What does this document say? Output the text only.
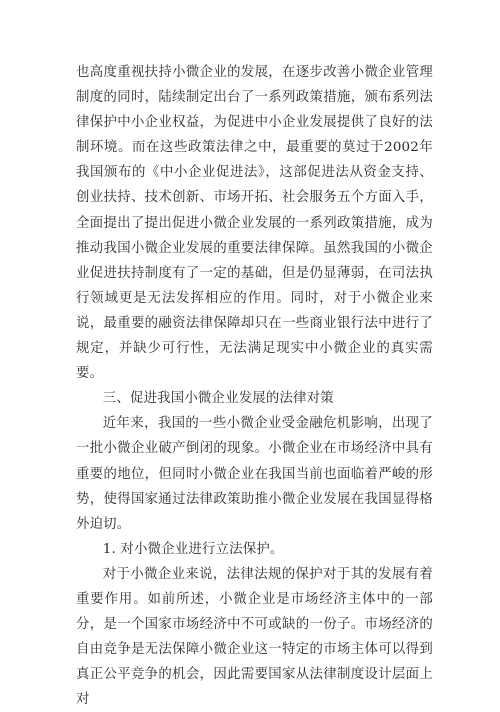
也高度重视扶持小微企业的发展，在逐步改善小微企业管理制度的同时，陆续制定出台了一系列政策措施，颁布系列法律保护中小企业权益，为促进中小企业发展提供了良好的法制环境。而在这些政策法律之中，最重要的莫过于2002年我国颁布的《中小企业促进法》，这部促进法从资金支持、创业扶持、技术创新、市场开拓、社会服务五个方面入手，全面提出了提出促进小微企业发展的一系列政策措施，成为推动我国小微企业发展的重要法律保障。虽然我国的小微企业促进扶持制度有了一定的基础，但是仍显薄弱，在司法执行领域更是无法发挥相应的作用。同时，对于小微企业来说，最重要的融资法律保障却只在一些商业银行法中进行了规定，并缺少可行性，无法满足现实中小微企业的真实需要。

三、促进我国小微企业发展的法律对策

近年来，我国的一些小微企业受金融危机影响，出现了一批小微企业破产倒闭的现象。小微企业在市场经济中具有重要的地位，但同时小微企业在我国当前也面临着严峻的形势，使得国家通过法律政策助推小微企业发展在我国显得格外迫切。

1. 对小微企业进行立法保护。

对于小微企业来说，法律法规的保护对于其的发展有着重要作用。如前所述，小微企业是市场经济主体中的一部分，是一个国家市场经济中不可或缺的一份子。市场经济的自由竞争是无法保障小微企业这一特定的市场主体可以得到真正公平竞争的机会，因此需要国家从法律制度设计层面上对
